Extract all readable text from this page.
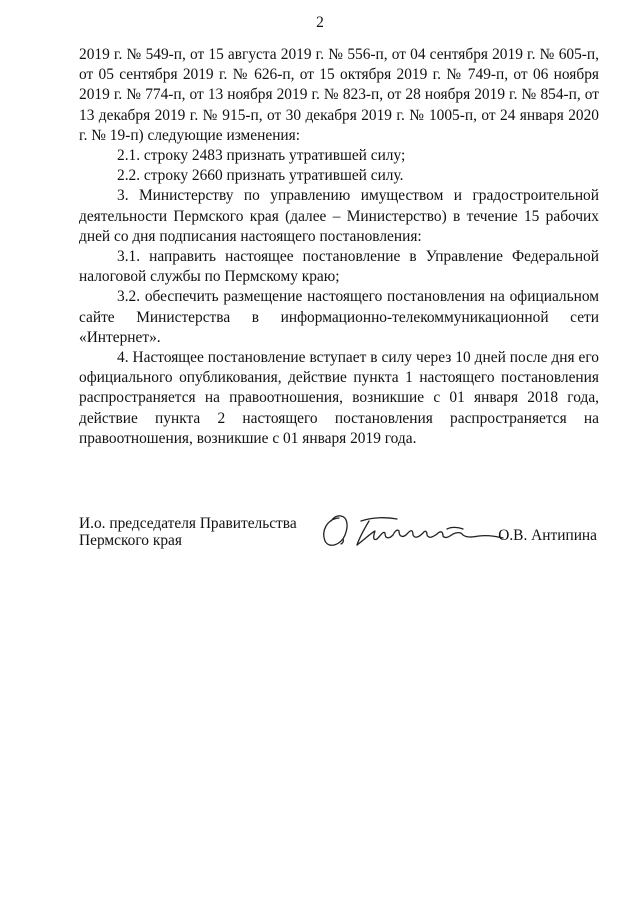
2

2019 г. № 549-п, от 15 августа 2019 г. № 556-п, от 04 сентября 2019 г. № 605-п, от 05 сентября 2019 г. № 626-п, от 15 октября 2019 г. № 749-п, от 06 ноября 2019 г. № 774-п, от 13 ноября 2019 г. № 823-п, от 28 ноября 2019 г. № 854-п, от 13 декабря 2019 г. № 915-п, от 30 декабря 2019 г. № 1005-п, от 24 января 2020 г. № 19-п) следующие изменения:

2.1. строку 2483 признать утратившей силу;

2.2. строку 2660 признать утратившей силу.

3. Министерству по управлению имуществом и градостроительной деятельности Пермского края (далее – Министерство) в течение 15 рабочих дней со дня подписания настоящего постановления:

3.1. направить настоящее постановление в Управление Федеральной налоговой службы по Пермскому краю;

3.2. обеспечить размещение настоящего постановления на официальном сайте Министерства в информационно-телекоммуникационной сети «Интернет».

4. Настоящее постановление вступает в силу через 10 дней после дня его официального опубликования, действие пункта 1 настоящего постановления распространяется на правоотношения, возникшие с 01 января 2018 года, действие пункта 2 настоящего постановления распространяется на правоотношения, возникшие с 01 января 2019 года.

И.о. председателя Правительства
Пермского края	О.В. Антипина
